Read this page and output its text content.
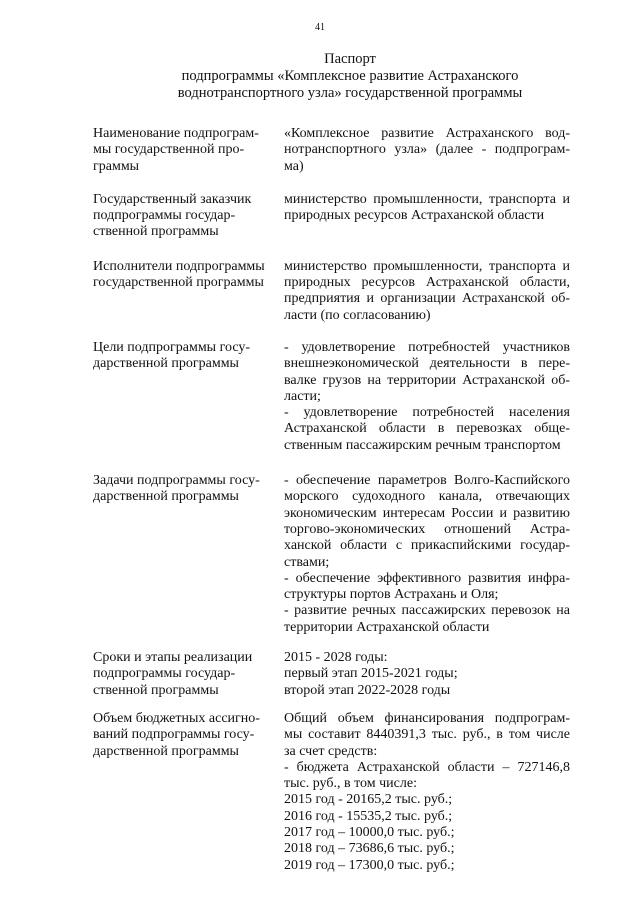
41
Паспорт
подпрограммы «Комплексное развитие Астраханского
воднотранспортного узла» государственной программы
Наименование подпрограм-
мы государственной про-
граммы
«Комплексное развитие Астраханского вод-
нотранспортного узла» (далее - подпрограм-
ма)
Государственный заказчик
подпрограммы государ-
ственной программы
министерство промышленности, транспорта и
природных ресурсов Астраханской области
Исполнители подпрограммы
государственной программы
министерство промышленности, транспорта и
природных ресурсов Астраханской области,
предприятия и организации Астраханской об-
ласти (по согласованию)
Цели подпрограммы госу-
дарственной программы
- удовлетворение потребностей участников
внешнеэкономической деятельности в пере-
валке грузов на территории Астраханской об-
ласти;
- удовлетворение потребностей населения
Астраханской области в перевозках обще-
ственным пассажирским речным транспортом
Задачи подпрограммы госу-
дарственной программы
- обеспечение параметров Волго-Каспийского
морского судоходного канала, отвечающих
экономическим интересам России и развитию
торгово-экономических отношений Астра-
ханской области с прикаспийскими государ-
ствами;
- обеспечение эффективного развития инфра-
структуры портов Астрахань и Оля;
- развитие речных пассажирских перевозок на
территории Астраханской области
Сроки и этапы реализации
подпрограммы государ-
ственной программы
2015 - 2028 годы:
первый этап 2015-2021 годы;
второй этап 2022-2028 годы
Объем бюджетных ассигно-
ваний подпрограммы госу-
дарственной программы
Общий объем финансирования подпрограм-
мы составит 8440391,3 тыс. руб., в том числе
за счет средств:
- бюджета Астраханской области – 727146,8
тыс. руб., в том числе:
2015 год - 20165,2 тыс. руб.;
2016 год - 15535,2 тыс. руб.;
2017 год – 10000,0 тыс. руб.;
2018 год – 73686,6 тыс. руб.;
2019 год – 17300,0 тыс. руб.;
